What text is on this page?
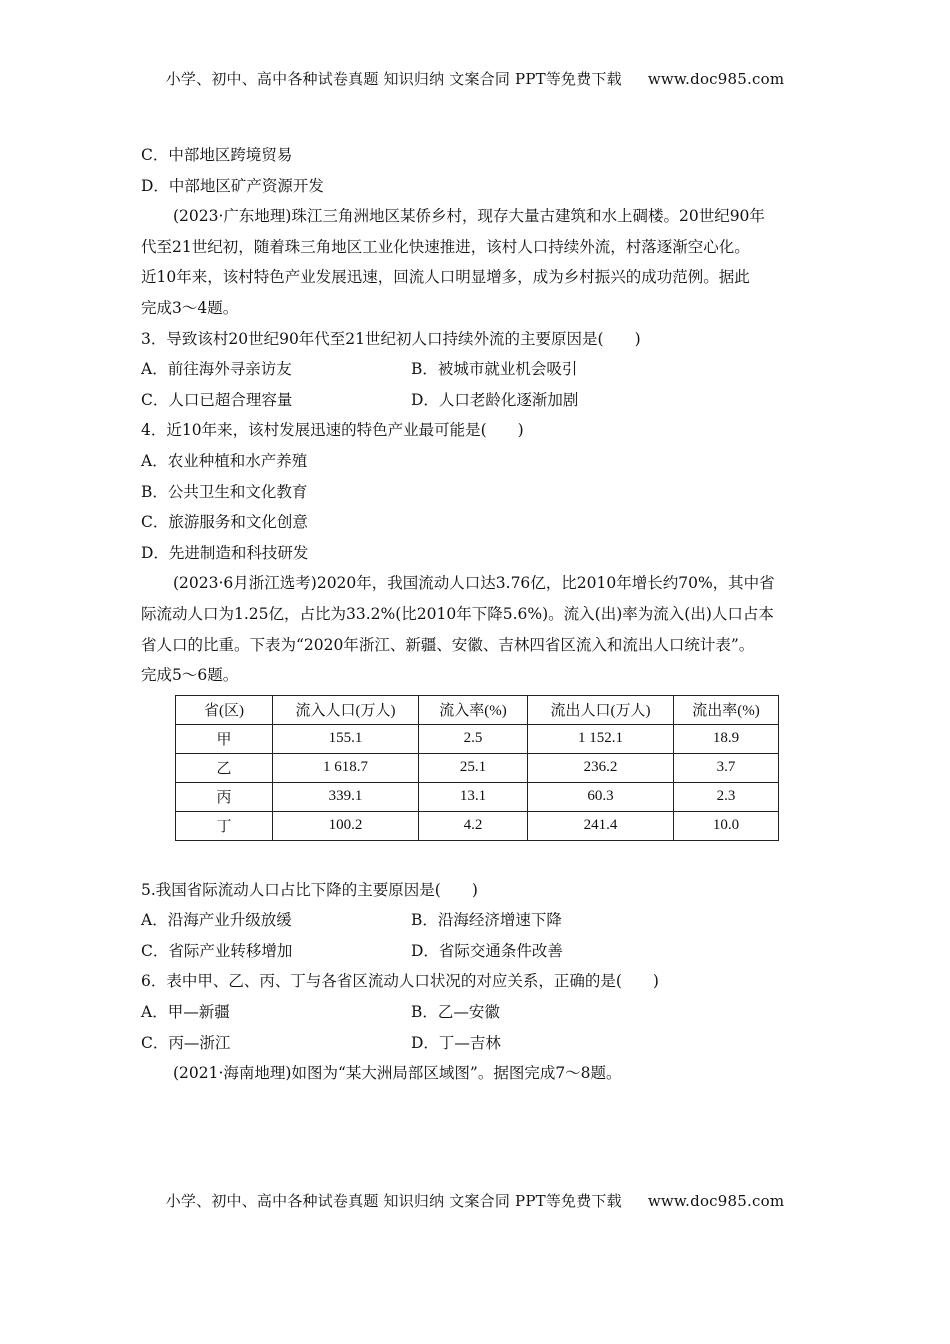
小学、初中、高中各种试卷真题 知识归纳 文案合同 PPT等免费下载 www.doc985.com
C．中部地区跨境贸易
D．中部地区矿产资源开发
(2023·广东地理)珠江三角洲地区某侨乡村，现存大量古建筑和水上碉楼。20世纪90年
代至21世纪初，随着珠三角地区工业化快速推进，该村人口持续外流，村落逐渐空心化。
近10年来，该村特色产业发展迅速，回流人口明显增多，成为乡村振兴的成功范例。据此
完成3～4题。
3．导致该村20世纪90年代至21世纪初人口持续外流的主要原因是(　　)
A．前往海外寻亲访友	B．被城市就业机会吸引
C．人口已超合理容量	D．人口老龄化逐渐加剧
4．近10年来，该村发展迅速的特色产业最可能是(　　)
A．农业种植和水产养殖
B．公共卫生和文化教育
C．旅游服务和文化创意
D．先进制造和科技研发
(2023·6月浙江选考)2020年，我国流动人口达3.76亿，比2010年增长约70%，其中省
际流动人口为1.25亿，占比为33.2%(比2010年下降5.6%)。流入(出)率为流入(出)人口占本
省人口的比重。下表为“2020年浙江、新疆、安徽、吉林四省区流入和流出人口统计表”。
完成5～6题。
省(区)	流入人口(万人)	流入率(%)	流出人口(万人)	流出率(%)
甲	155.1	2.5	1 152.1	18.9
乙	1 618.7	25.1	236.2	3.7
丙	339.1	13.1	60.3	2.3
丁	100.2	4.2	241.4	10.0
5.我国省际流动人口占比下降的主要原因是(　　)
A．沿海产业升级放缓	B．沿海经济增速下降
C．省际产业转移增加	D．省际交通条件改善
6．表中甲、乙、丙、丁与各省区流动人口状况的对应关系，正确的是(　　)
A．甲—新疆	B．乙—安徽
C．丙—浙江	D．丁—吉林
(2021·海南地理)如图为“某大洲局部区域图”。据图完成7～8题。
小学、初中、高中各种试卷真题 知识归纳 文案合同 PPT等免费下载 www.doc985.com
